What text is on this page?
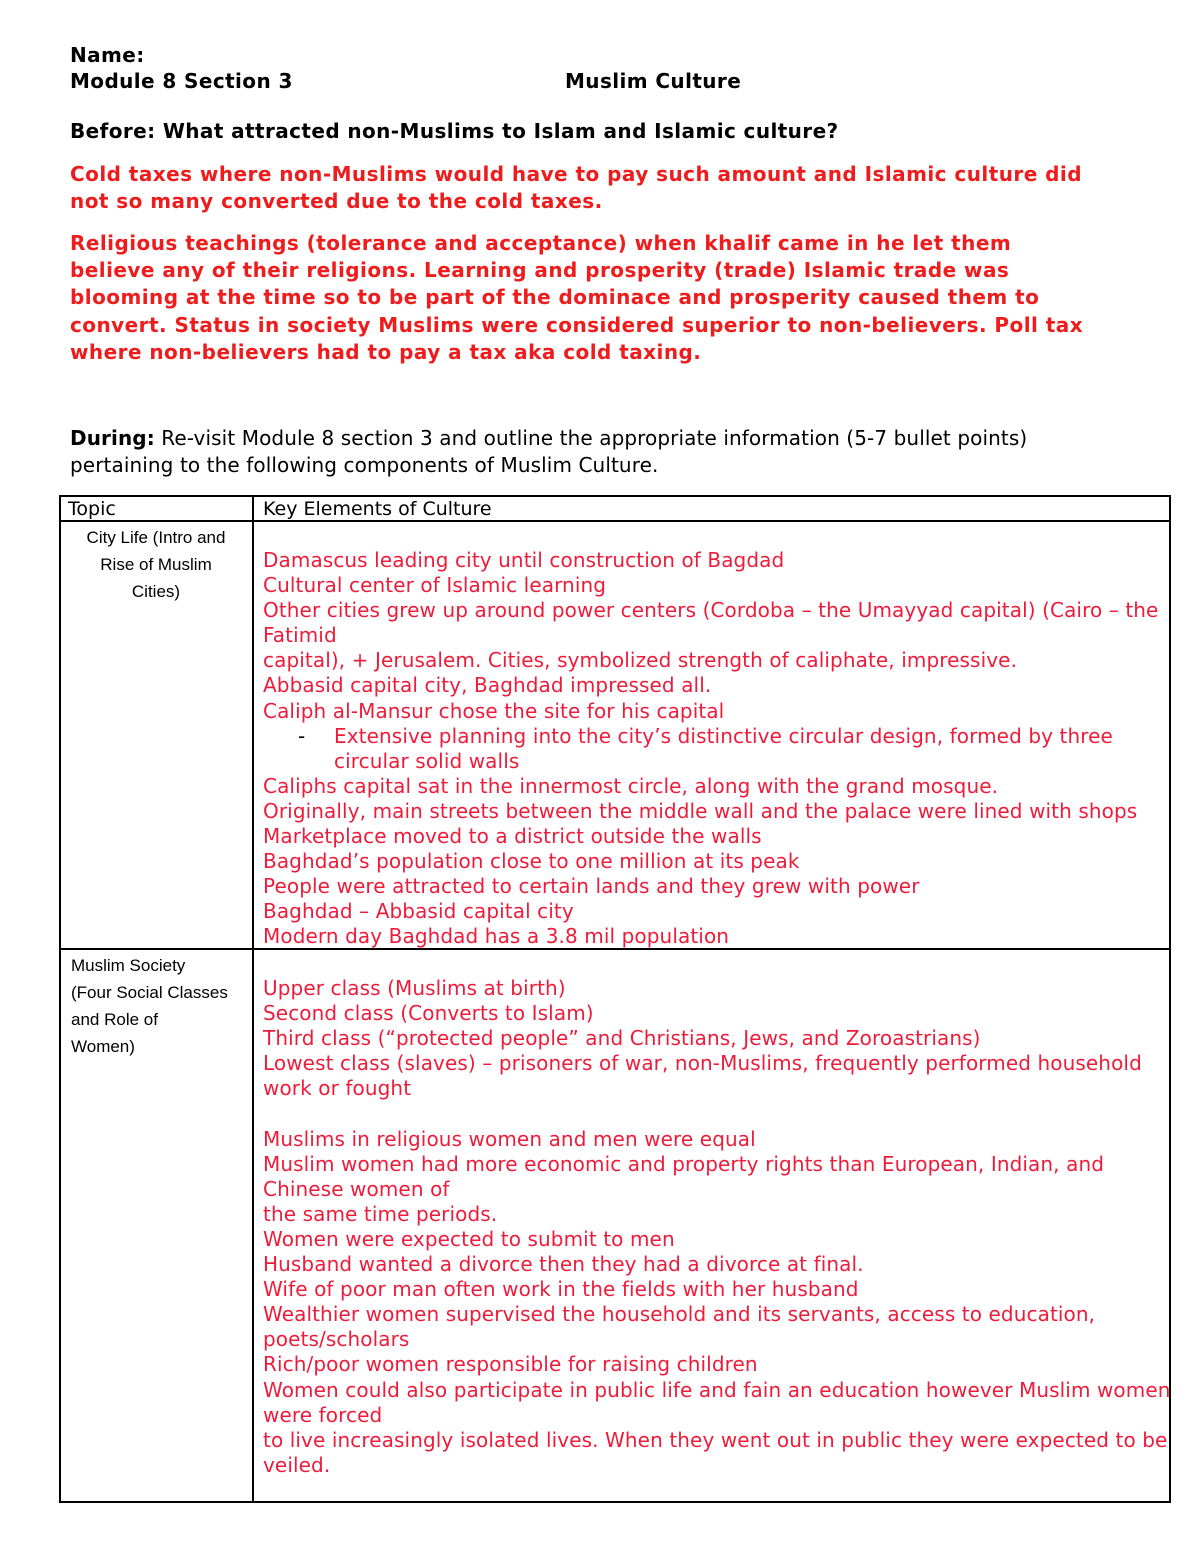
Name:
Module 8 Section 3	Muslim Culture
Before: What attracted non-Muslims to Islam and Islamic culture?
Cold taxes where non-Muslims would have to pay such amount and Islamic culture did
not so many converted due to the cold taxes.
Religious teachings (tolerance and acceptance) when khalif came in he let them
believe any of their religions. Learning and prosperity (trade) Islamic trade was
blooming at the time so to be part of the dominace and prosperity caused them to
convert. Status in society Muslims were considered superior to non-believers. Poll tax
where non-believers had to pay a tax aka cold taxing.
During: Re-visit Module 8 section 3 and outline the appropriate information (5-7 bullet points)
pertaining to the following components of Muslim Culture.
Topic	Key Elements of Culture
City Life (Intro and
Rise of Muslim
Cities)
Damascus leading city until construction of Bagdad
Cultural center of Islamic learning
Other cities grew up around power centers (Cordoba – the Umayyad capital) (Cairo – the
Fatimid
capital), + Jerusalem. Cities, symbolized strength of caliphate, impressive.
Abbasid capital city, Baghdad impressed all.
Caliph al-Mansur chose the site for his capital
- Extensive planning into the city’s distinctive circular design, formed by three
circular solid walls
Caliphs capital sat in the innermost circle, along with the grand mosque.
Originally, main streets between the middle wall and the palace were lined with shops
Marketplace moved to a district outside the walls
Baghdad’s population close to one million at its peak
People were attracted to certain lands and they grew with power
Baghdad – Abbasid capital city
Modern day Baghdad has a 3.8 mil population
Muslim Society
(Four Social Classes
and Role of
Women)
Upper class (Muslims at birth)
Second class (Converts to Islam)
Third class (“protected people” and Christians, Jews, and Zoroastrians)
Lowest class (slaves) – prisoners of war, non-Muslims, frequently performed household
work or fought
Muslims in religious women and men were equal
Muslim women had more economic and property rights than European, Indian, and
Chinese women of
the same time periods.
Women were expected to submit to men
Husband wanted a divorce then they had a divorce at final.
Wife of poor man often work in the fields with her husband
Wealthier women supervised the household and its servants, access to education,
poets/scholars
Rich/poor women responsible for raising children
Women could also participate in public life and fain an education however Muslim women
were forced
to live increasingly isolated lives. When they went out in public they were expected to be
veiled.
